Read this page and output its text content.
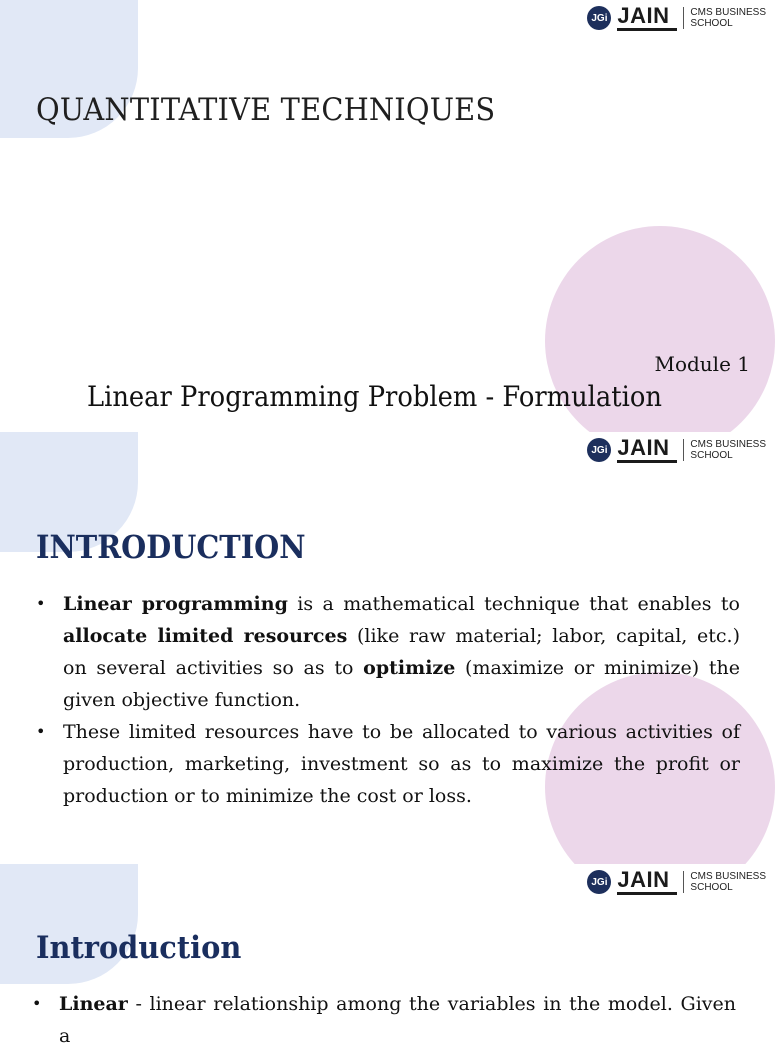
JGi JAIN CMS BUSINESS
SCHOOL
QUANTITATIVE TECHNIQUES
Module 1
Linear Programming Problem - Formulation
JGi JAIN CMS BUSINESS
SCHOOL
INTRODUCTION
• Linear programming is a mathematical technique that enables to allocate limited resources (like raw material; labor, capital, etc.) on several activities so as to optimize (maximize or minimize) the given objective function.
• These limited resources have to be allocated to various activities of production, marketing, investment so as to maximize the profit or production or to minimize the cost or loss.
JGi JAIN CMS BUSINESS
SCHOOL
Introduction
• Linear - linear relationship among the variables in the model. Given a
